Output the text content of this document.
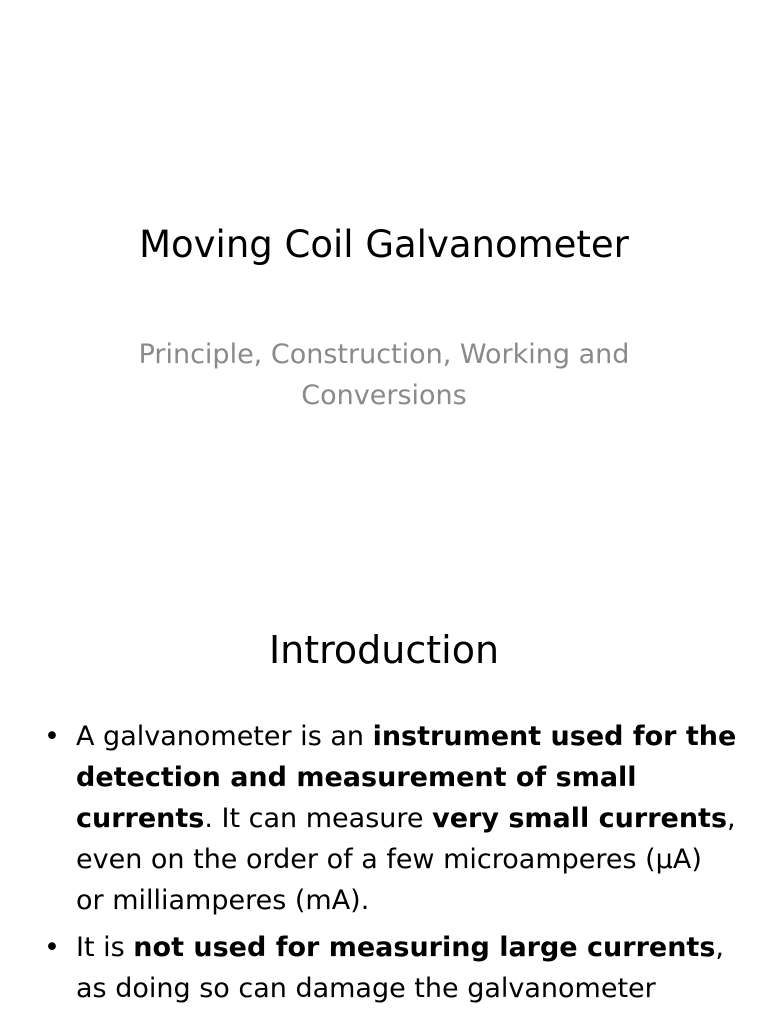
Moving Coil Galvanometer
Principle, Construction, Working and Conversions
Introduction
• A galvanometer is an instrument used for the detection and measurement of small currents. It can measure very small currents, even on the order of a few microamperes (μA) or milliamperes (mA).
• It is not used for measuring large currents, as doing so can damage the galvanometer
